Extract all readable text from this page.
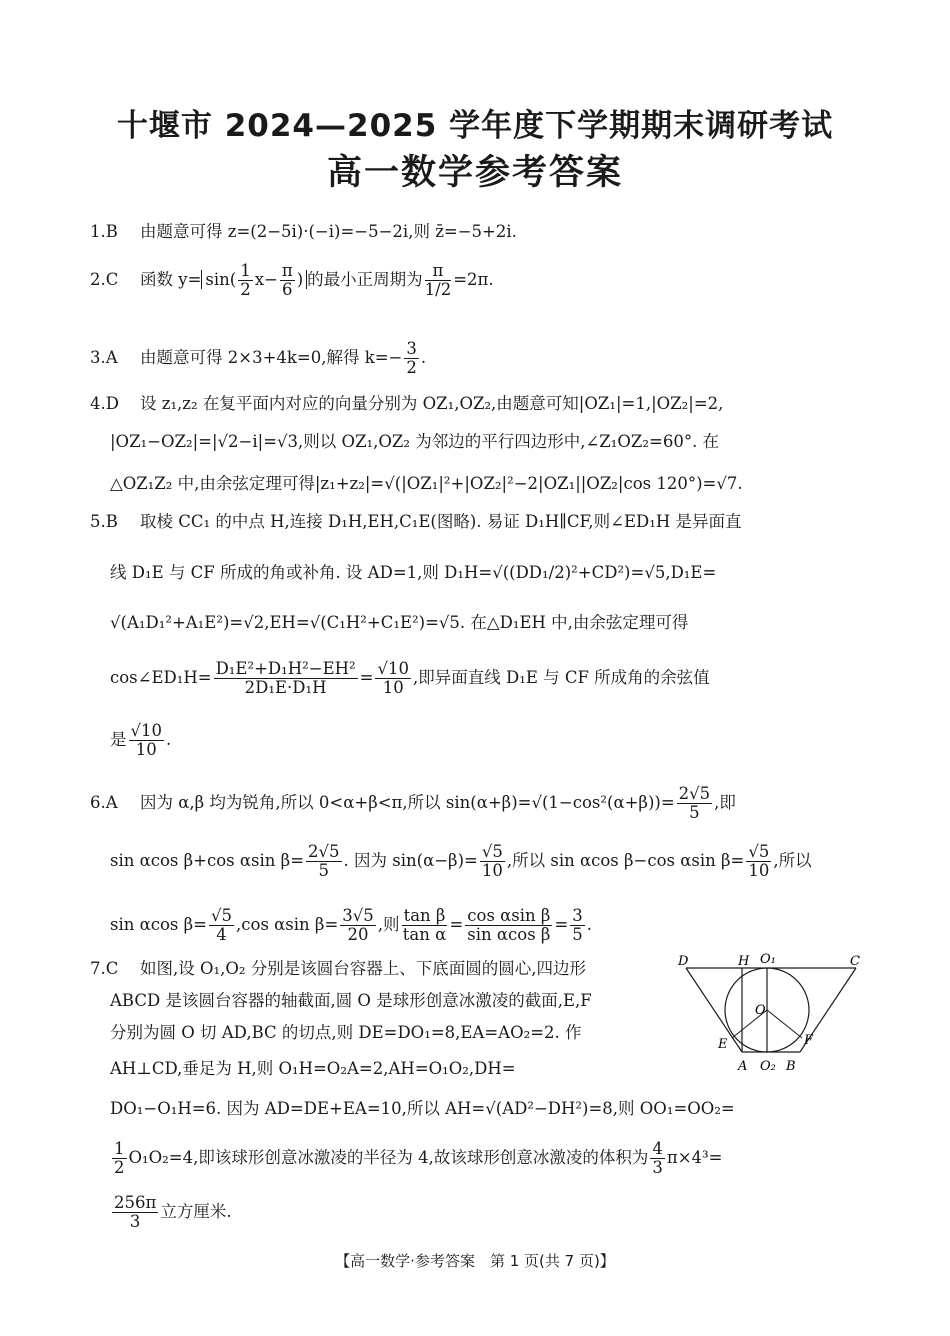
十堰市 2024—2025 学年度下学期期末调研考试
高一数学参考答案
1.B 由题意可得 z=(2−5i)·(−i)=−5−2i,则 z̄=−5+2i.
2.C 函数 $y= \sin( \frac{1}{2} x- \frac{\pi}{6}$ ) 的最小正周期为 $\frac{\pi}{1/2} =2\pi$.
3.A 由题意可得 2×3+4k=0,解得 $k=- \frac{3}{2}$ .
4.D 设 z₁,z₂ 在复平面内对应的向量分别为 OZ₁,OZ₂,由题意可知|OZ₁|=1,|OZ₂|=2,
|OZ₁−OZ₂|=|√2−i|=√3,则以 OZ₁,OZ₂ 为邻边的平行四边形中,∠Z₁OZ₂=60°. 在
△OZ₁Z₂ 中,由余弦定理可得|z₁+z₂|=√(|OZ₁|²+|OZ₂|²−2|OZ₁||OZ₂|cos 120°)=√7.
5.B 取棱 CC₁ 的中点 H,连接 D₁H,EH,C₁E(图略). 易证 D₁H∥CF,则∠ED₁H 是异面直
线 D₁E 与 CF 所成的角或补角. 设 AD=1,则 D₁H=√((DD₁/2)²+CD²)=√5,D₁E=
√(A₁D₁²+A₁E²)=√2,EH=√(C₁H²+C₁E²)=√5. 在△D₁EH 中,由余弦定理可得
cos∠ED₁H= $\frac{\text{D₁E²+D₁H²−EH²}}{\text{2D₁E·D₁H}} = \frac{√10}{10}$ ,即异面直线 D₁E 与 CF 所成角的余弦值
是 $\frac{√10}{10}$ .
6.A 因为 α,β 均为锐角,所以 0<α+β<π,所以 $\sin(\alpha+\beta)=√(1-\cos^2(\alpha+\beta))= \frac{2√5}{5}$ ,即
sin αcos β+cos αsin $\beta= \frac{2√5}{5}$ . 因为 $\sin(\alpha-\beta)= \frac{√5}{10}$ ,所以 sin αcos β−cos αsin $\beta= \frac{√5}{10}$ ,所以
sin αcos $\beta= \frac{√5}{4} ,\cos$ αsin $\beta= \frac{3√5}{20}$ ,则 $\frac{\text{tan β}}{\text{tan α}} = \frac{\text{cos αsin β}}{\text{sin αcos β}} = \frac{3}{5}$ .
7.C 如图,设 O₁,O₂ 分别是该圆台容器上、下底面圆的圆心,四边形
ABCD 是该圆台容器的轴截面,圆 O 是球形创意冰激凌的截面,E,F
分别为圆 O 切 AD,BC 的切点,则 DE=DO₁=8,EA=AO₂=2. 作
AH⊥CD,垂足为 H,则 O₁H=O₂A=2,AH=O₁O₂,DH=
DO₁−O₁H=6. 因为 AD=DE+EA=10,所以 AH=√(AD²−DH²)=8,则 OO₁=OO₂=
$\frac{1}{2} O_1O_2=4$,即该球形创意冰激凌的半径为 4,故该球形创意冰激凌的体积为 $\frac{4}{3} \pi\times 4^3=$
$\frac{256\pi}{3}$ 立方厘米.
D	H O₁	C
O
E	F
A O₂ B
【高一数学·参考答案　第 1 页(共 7 页)】
